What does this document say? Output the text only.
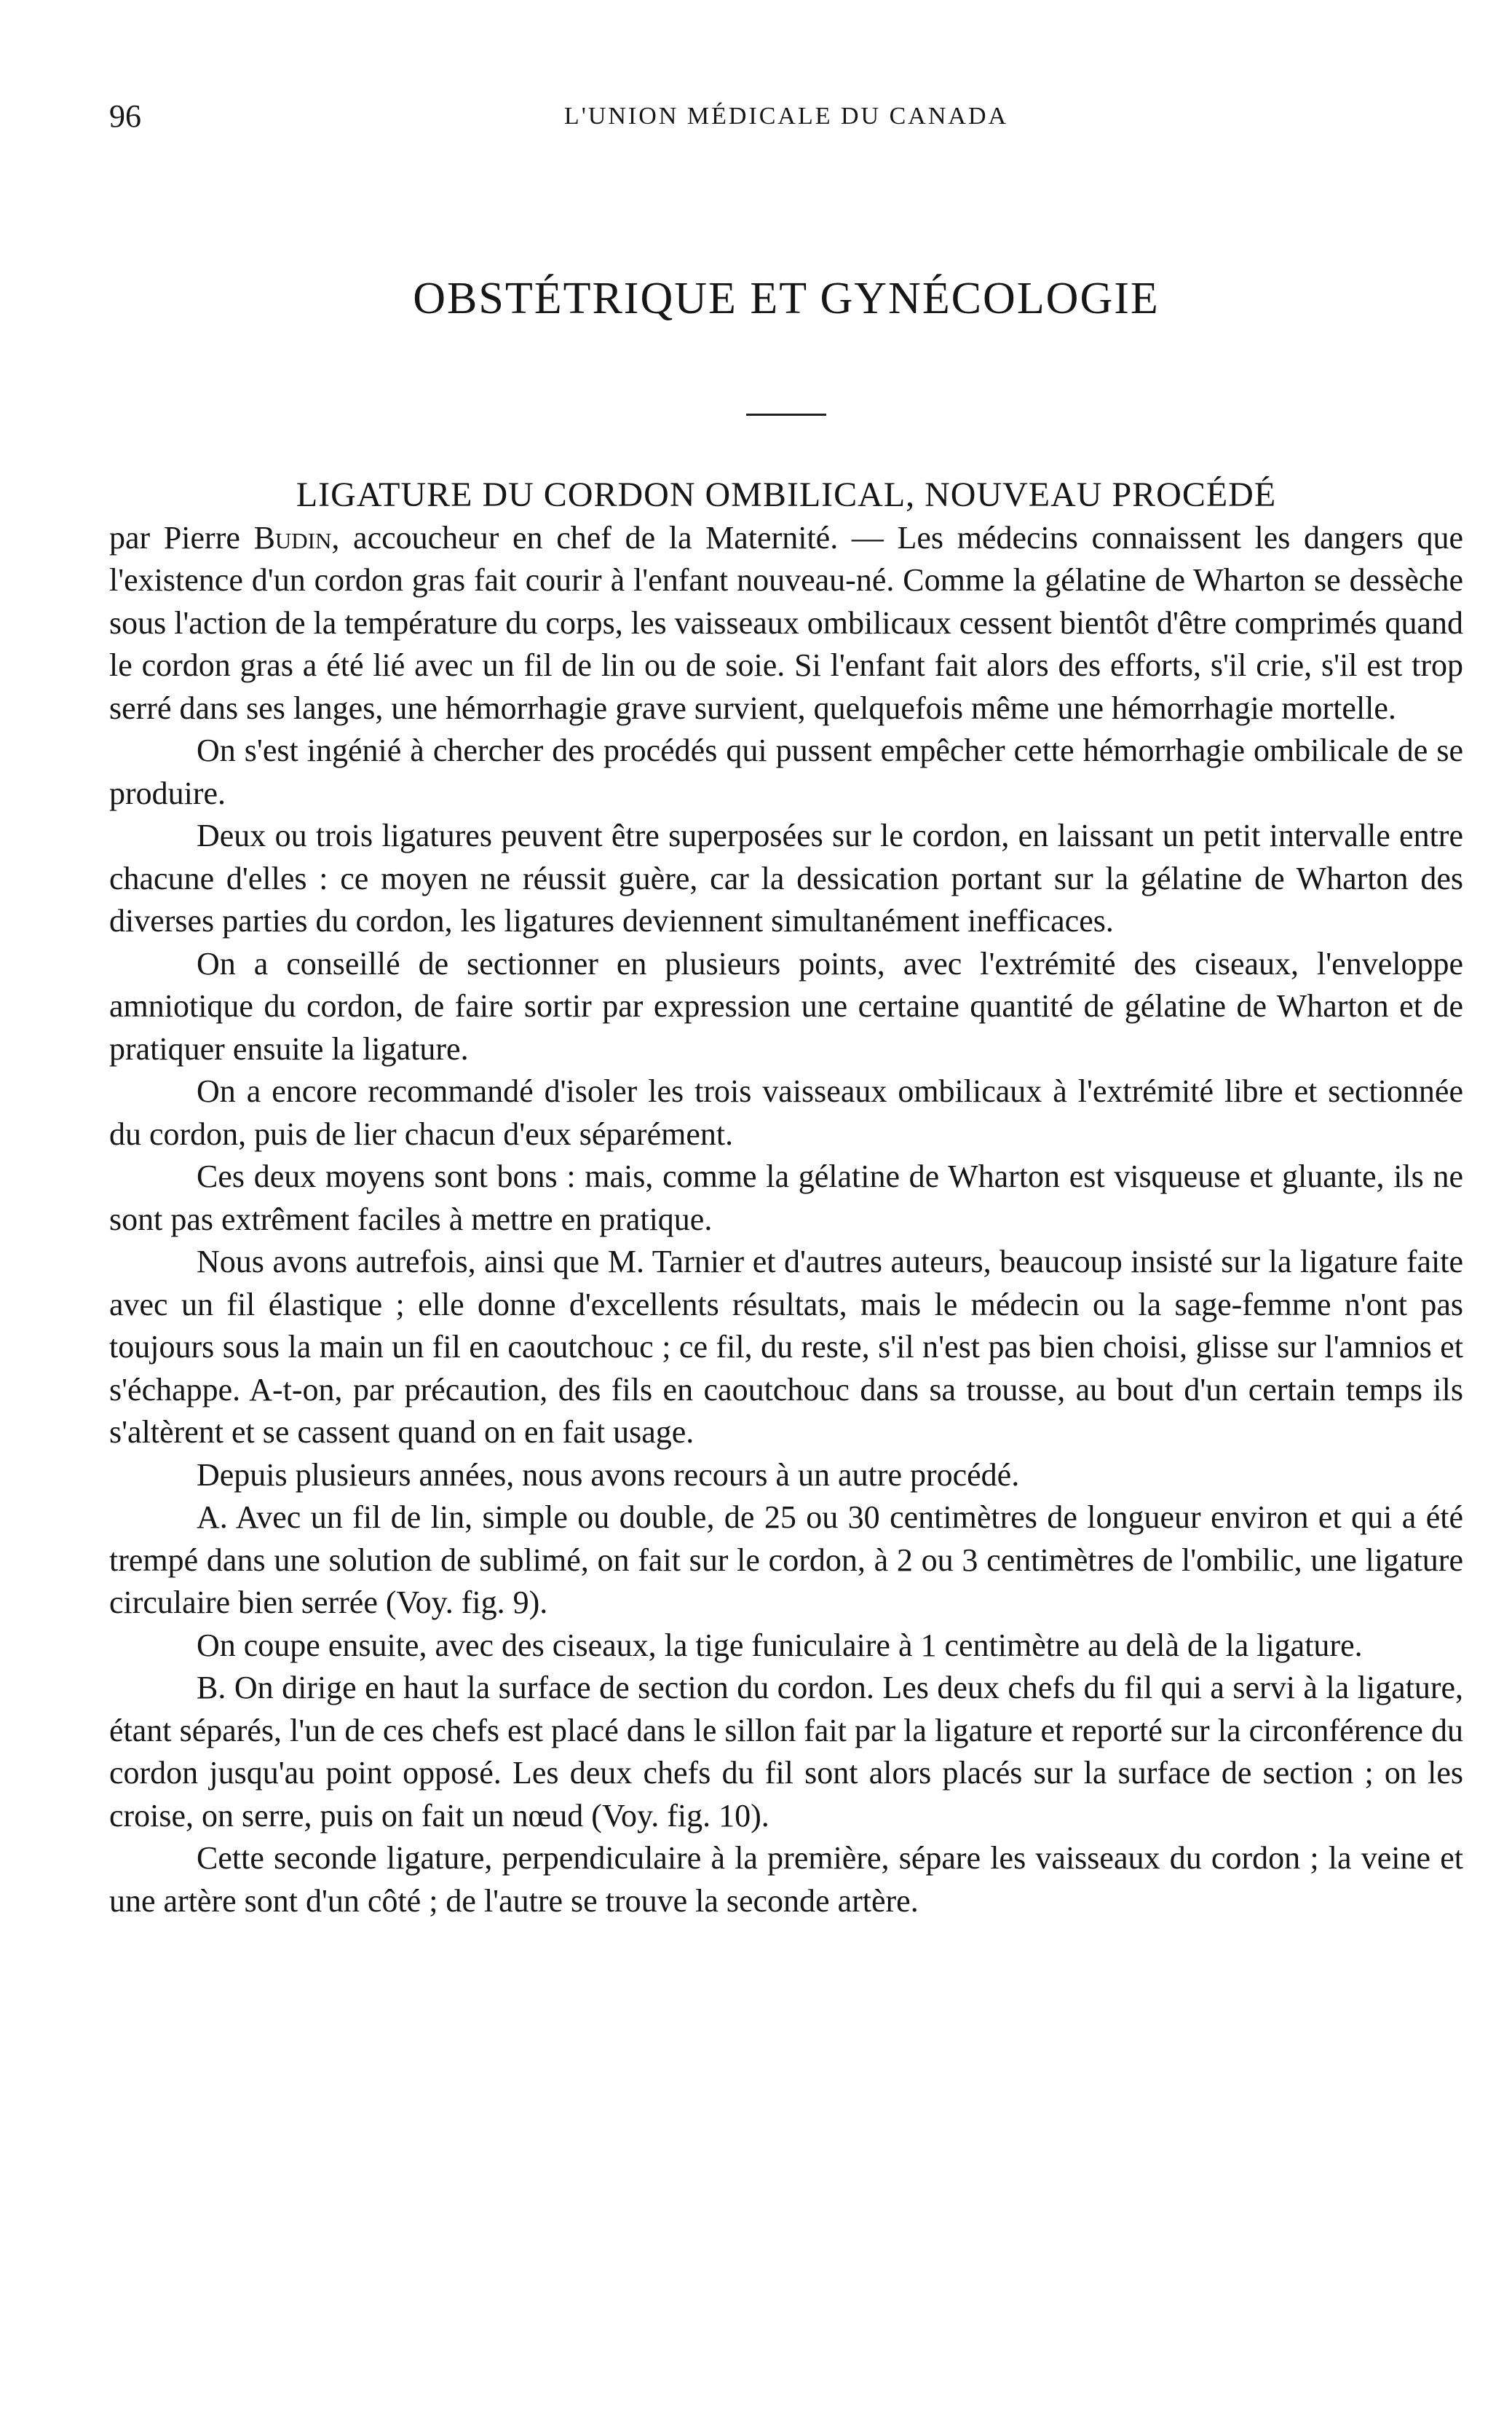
96	L'UNION MÉDICALE DU CANADA
OBSTÉTRIQUE ET GYNÉCOLOGIE

LIGATURE DU CORDON OMBILICAL, NOUVEAU PROCÉDÉ
par Pierre Budin, accoucheur en chef de la Maternité. — Les médecins connaissent les dangers que l'existence d'un cordon gras fait courir à l'enfant nouveau-né. Comme la gélatine de Wharton se dessèche sous l'action de la température du corps, les vaisseaux ombilicaux cessent bientôt d'être comprimés quand le cordon gras a été lié avec un fil de lin ou de soie. Si l'enfant fait alors des efforts, s'il crie, s'il est trop serré dans ses langes, une hémorrhagie grave survient, quelquefois même une hémorrhagie mortelle.

On s'est ingénié à chercher des procédés qui pussent empêcher cette hémorrhagie ombilicale de se produire.

Deux ou trois ligatures peuvent être superposées sur le cordon, en laissant un petit intervalle entre chacune d'elles : ce moyen ne réussit guère, car la dessication portant sur la gélatine de Wharton des diverses parties du cordon, les ligatures deviennent simultanément inefficaces.

On a conseillé de sectionner en plusieurs points, avec l'extrémité des ciseaux, l'enveloppe amniotique du cordon, de faire sortir par expression une certaine quantité de gélatine de Wharton et de pratiquer ensuite la ligature.

On a encore recommandé d'isoler les trois vaisseaux ombilicaux à l'extrémité libre et sectionnée du cordon, puis de lier chacun d'eux séparément.

Ces deux moyens sont bons : mais, comme la gélatine de Wharton est visqueuse et gluante, ils ne sont pas extrêment faciles à mettre en pratique.

Nous avons autrefois, ainsi que M. Tarnier et d'autres auteurs, beaucoup insisté sur la ligature faite avec un fil élastique ; elle donne d'excellents résultats, mais le médecin ou la sage-femme n'ont pas toujours sous la main un fil en caoutchouc ; ce fil, du reste, s'il n'est pas bien choisi, glisse sur l'amnios et s'échappe. A-t-on, par précaution, des fils en caoutchouc dans sa trousse, au bout d'un certain temps ils s'altèrent et se cassent quand on en fait usage.

Depuis plusieurs années, nous avons recours à un autre procédé.

A. Avec un fil de lin, simple ou double, de 25 ou 30 centimètres de longueur environ et qui a été trempé dans une solution de sublimé, on fait sur le cordon, à 2 ou 3 centimètres de l'ombilic, une ligature circulaire bien serrée (Voy. fig. 9).

On coupe ensuite, avec des ciseaux, la tige funiculaire à 1 centimètre au delà de la ligature.

B. On dirige en haut la surface de section du cordon. Les deux chefs du fil qui a servi à la ligature, étant séparés, l'un de ces chefs est placé dans le sillon fait par la ligature et reporté sur la circonférence du cordon jusqu'au point opposé. Les deux chefs du fil sont alors placés sur la surface de section ; on les croise, on serre, puis on fait un nœud (Voy. fig. 10).

Cette seconde ligature, perpendiculaire à la première, sépare les vaisseaux du cordon ; la veine et une artère sont d'un côté ; de l'autre se trouve la seconde artère.
